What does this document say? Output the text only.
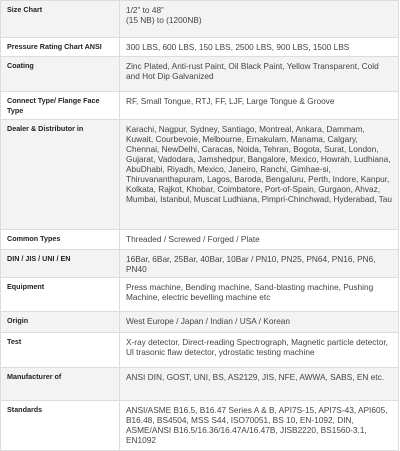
Size Chart	1/2” to 48”
(15 NB) to (1200NB)
Pressure Rating Chart ANSI	300 LBS, 600 LBS, 150 LBS, 2500 LBS, 900 LBS, 1500 LBS
Coating	Zinc Plated, Anti-rust Paint, Oil Black Paint, Yellow Transparent, Cold and Hot Dip Galvanized
Connect Type/ Flange Face Type	RF, Small Tongue, RTJ, FF, LJF, Large Tongue & Groove
Dealer & Distributor in	Karachi, Nagpur, Sydney, Santiago, Montreal, Ankara, Dammam, Kuwait, Courbevoie, Melbourne, Ernakulam, Manama, Calgary, Chennai, NewDelhi, Caracas, Noida, Tehran, Bogota, Surat, London, Gujarat, Vadodara, Jamshedpur, Bangalore, Mexico, Howrah, Ludhiana, AbuDhabi, Riyadh, Mexico, Janeiro, Ranchi, Gimhae-si, Thiruvananthapuram, Lagos, Baroda, Bengaluru, Perth, Indore, Kanpur, Kolkata, Rajkot, Khobar, Coimbatore, Port-of-Spain, Gurgaon, Ahvaz, Mumbai, Istanbul, Muscat Ludhiana, Pimpri-Chinchwad, Hyderabad, Tau
Common Types	Threaded / Screwed / Forged / Plate
DIN / JIS / UNI / EN	16Bar, 6Bar, 25Bar, 40Bar, 10Bar / PN10, PN25, PN64, PN16, PN6, PN40
Equipment	Press machine, Bending machine, Sand-blasting machine, Pushing Machine, electric bevelling machine etc
Origin	West Europe / Japan / Indian / USA / Korean
Test	X-ray detector, Direct-reading Spectrograph, Magnetic particle detector, Ul trasonic flaw detector, ydrostatic testing machine
Manufacturer of	ANSI DIN, GOST, UNI, BS, AS2129, JIS, NFE, AWWA, SABS, EN etc.
Standards	ANSI/ASME B16.5, B16.47 Series A & B, API7S-15, API7S-43, API605, B16.48, BS4504, MSS S44, ISO70051, BS 10, EN-1092, DIN, ASME/ANSI B16.5/16.36/16.47A/16.47B, JISB2220, BS1560-3.1, EN1092
